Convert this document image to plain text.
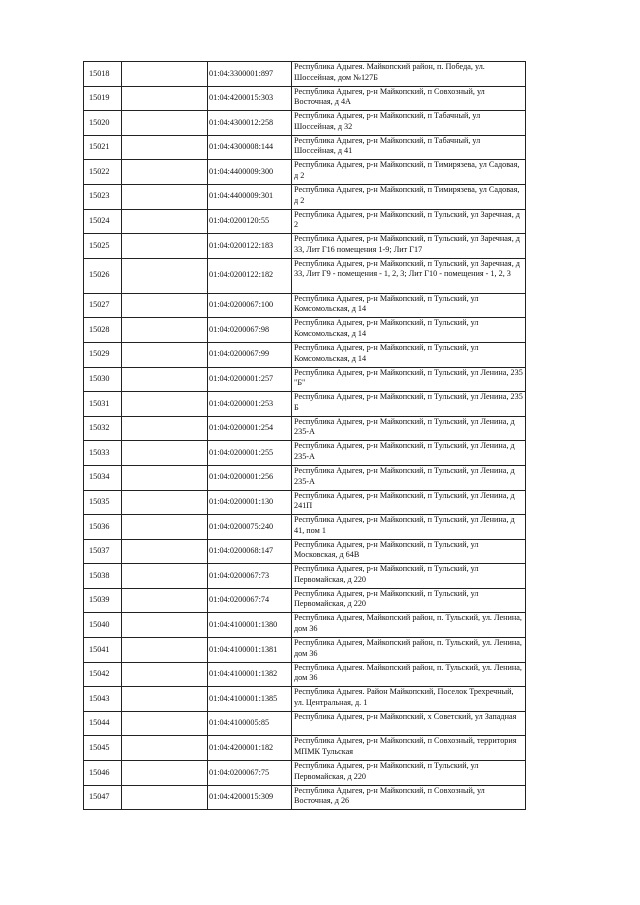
15018		01:04:3300001:897	Республика Адыгея. Майкопский район, п. Победа, ул. Шоссейная, дом №127Б
15019		01:04:4200015:303	Республика Адыгея, р-н Майкопский, п Совхозный, ул Восточная, д 4А
15020		01:04:4300012:258	Республика Адыгея, р-н Майкопский, п Табачный, ул Шоссейная, д 32
15021		01:04:4300008:144	Республика Адыгея, р-н Майкопский, п Табачный, ул Шоссейная, д 41
15022		01:04:4400009:300	Республика Адыгея, р-н Майкопский, п Тимирязева, ул Садовая, д 2
15023		01:04:4400009:301	Республика Адыгея, р-н Майкопский, п Тимирязева, ул Садовая, д 2
15024		01:04:0200120:55	Республика Адыгея, р-н Майкопский, п Тульский, ул Заречная, д 2
15025		01:04:0200122:183	Республика Адыгея, р-н Майкопский, п Тульский, ул Заречная, д 33, Лит Г16 помещения 1-9; Лит Г17
15026		01:04:0200122:182	Республика Адыгея, р-н Майкопский, п Тульский, ул Заречная, д 33, Лит Г9 - помещения - 1, 2, 3; Лит Г10 - помещения - 1, 2, 3
15027		01:04:0200067:100	Республика Адыгея, р-н Майкопский, п Тульский, ул Комсомольская, д 14
15028		01:04:0200067:98	Республика Адыгея, р-н Майкопский, п Тульский, ул Комсомольская, д 14
15029		01:04:0200067:99	Республика Адыгея, р-н Майкопский, п Тульский, ул Комсомольская, д 14
15030		01:04:0200001:257	Республика Адыгея, р-н Майкопский, п Тульский, ул Ленина, 235 "Б"
15031		01:04:0200001:253	Республика Адыгея, р-н Майкопский, п Тульский, ул Ленина, 235 Б
15032		01:04:0200001:254	Республика Адыгея, р-н Майкопский, п Тульский, ул Ленина, д 235-А
15033		01:04:0200001:255	Республика Адыгея, р-н Майкопский, п Тульский, ул Ленина, д 235-А
15034		01:04:0200001:256	Республика Адыгея, р-н Майкопский, п Тульский, ул Ленина, д 235-А
15035		01:04:0200001:130	Республика Адыгея, р-н Майкопский, п Тульский, ул Ленина, д 241П
15036		01:04:0200075:240	Республика Адыгея, р-н Майкопский, п Тульский, ул Ленина, д 41, пом 1
15037		01:04:0200068:147	Республика Адыгея, р-н Майкопский, п Тульский, ул Московская, д 64В
15038		01:04:0200067:73	Республика Адыгея, р-н Майкопский, п Тульский, ул Первомайская, д 220
15039		01:04:0200067:74	Республика Адыгея, р-н Майкопский, п Тульский, ул Первомайская, д 220
15040		01:04:4100001:1380	Республика Адыгея, Майкопский район, п. Тульский, ул. Ленина, дом 36
15041		01:04:4100001:1381	Республика Адыгея, Майкопский район, п. Тульский, ул. Ленина, дом 36
15042		01:04:4100001:1382	Республика Адыгея. Майкопский район, п. Тульский, ул. Ленина, дом 36
15043		01:04:4100001:1385	Республика Адыгея. Район Майкопский, Поселок Трехречный, ул. Центральная, д. 1
15044		01:04:4100005:85	Республика Адыгея, р-н Майкопский, х Советский, ул Западная
15045		01:04:4200001:182	Республика Адыгея, р-н Майкопский, п Совхозный, территория МПМК Тульская
15046		01:04:0200067:75	Республика Адыгея, р-н Майкопский, п Тульский, ул Первомайская, д 220
15047		01:04:4200015:309	Республика Адыгея, р-н Майкопский, п Совхозный, ул Восточная, д 26
